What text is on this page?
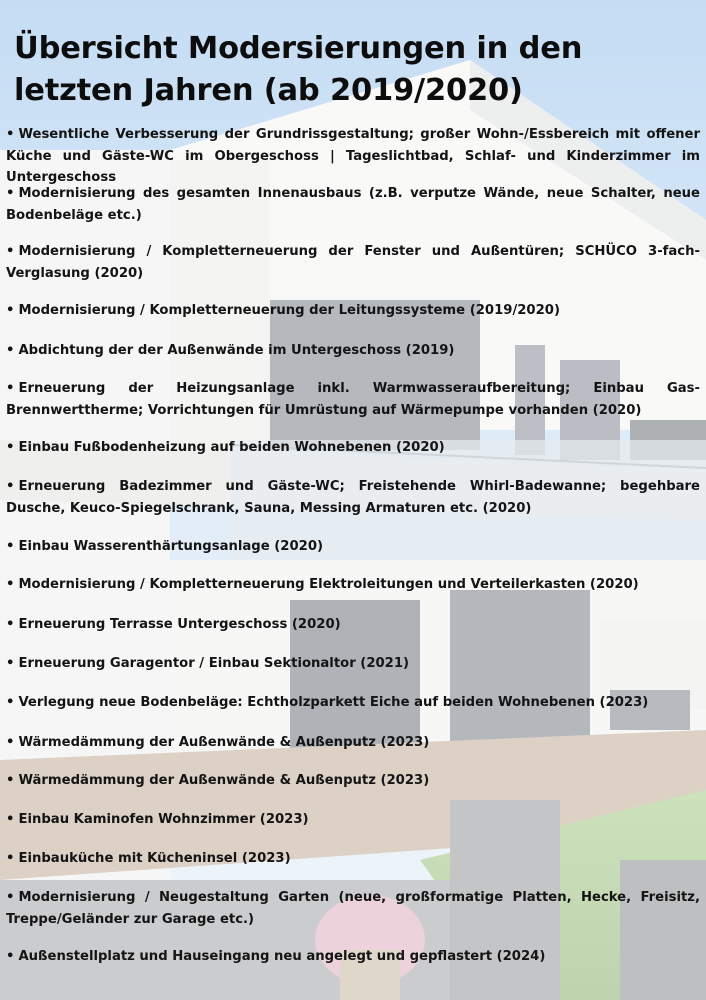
Übersicht Modersierungen in den letzten Jahren (ab 2019/2020)
• Wesentliche Verbesserung der Grundrissgestaltung; großer Wohn-/Essbereich mit offener Küche und Gäste-WC im Obergeschoss | Tageslichtbad, Schlaf- und Kinderzimmer im Untergeschoss
• Modernisierung des gesamten Innenausbaus (z.B. verputze Wände, neue Schalter, neue Bodenbeläge etc.)
• Modernisierung / Kompletterneuerung der Fenster und Außentüren; SCHÜCO 3-fach-Verglasung (2020)
• Modernisierung / Kompletterneuerung der Leitungssysteme (2019/2020)
• Abdichtung der der Außenwände im Untergeschoss (2019)
• Erneuerung der Heizungsanlage inkl. Warmwasseraufbereitung; Einbau Gas-Brennwerttherme; Vorrichtungen für Umrüstung auf Wärmepumpe vorhanden (2020)
• Einbau Fußbodenheizung auf beiden Wohnebenen (2020)
• Erneuerung Badezimmer und Gäste-WC; Freistehende Whirl-Badewanne; begehbare Dusche, Keuco-Spiegelschrank, Sauna, Messing Armaturen etc. (2020)
• Einbau Wasserenthärtungsanlage (2020)
• Modernisierung / Kompletterneuerung Elektroleitungen und Verteilerkasten (2020)
• Erneuerung Terrasse Untergeschoss (2020)
• Erneuerung Garagentor / Einbau Sektionaltor (2021)
• Verlegung neue Bodenbeläge: Echtholzparkett Eiche auf beiden Wohnebenen (2023)
• Wärmedämmung der Außenwände & Außenputz (2023)
• Wärmedämmung der Außenwände & Außenputz (2023)
• Einbau Kaminofen Wohnzimmer (2023)
• Einbauküche mit Kücheninsel (2023)
• Modernisierung / Neugestaltung Garten (neue, großformatige Platten, Hecke, Freisitz, Treppe/Geländer zur Garage etc.)
• Außenstellplatz und Hauseingang neu angelegt und gepflastert (2024)
